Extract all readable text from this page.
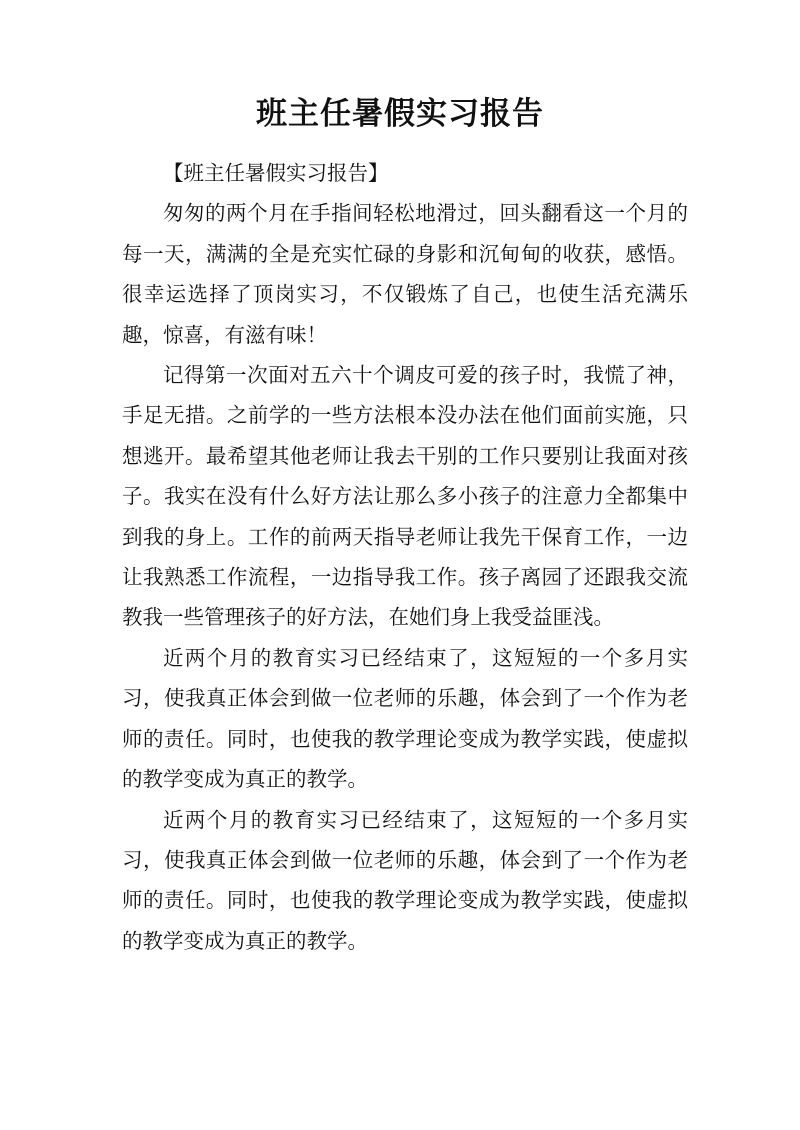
班主任暑假实习报告

【班主任暑假实习报告】

匆匆的两个月在手指间轻松地滑过，回头翻看这一个月的每一天，满满的全是充实忙碌的身影和沉甸甸的收获，感悟。很幸运选择了顶岗实习，不仅锻炼了自己，也使生活充满乐趣，惊喜，有滋有味！

记得第一次面对五六十个调皮可爱的孩子时，我慌了神，手足无措。之前学的一些方法根本没办法在他们面前实施，只想逃开。最希望其他老师让我去干别的工作只要别让我面对孩子。我实在没有什么好方法让那么多小孩子的注意力全都集中到我的身上。工作的前两天指导老师让我先干保育工作，一边让我熟悉工作流程，一边指导我工作。孩子离园了还跟我交流教我一些管理孩子的好方法，在她们身上我受益匪浅。

近两个月的教育实习已经结束了，这短短的一个多月实习，使我真正体会到做一位老师的乐趣，体会到了一个作为老师的责任。同时，也使我的教学理论变成为教学实践，使虚拟的教学变成为真正的教学。

近两个月的教育实习已经结束了，这短短的一个多月实习，使我真正体会到做一位老师的乐趣，体会到了一个作为老师的责任。同时，也使我的教学理论变成为教学实践，使虚拟的教学变成为真正的教学。
